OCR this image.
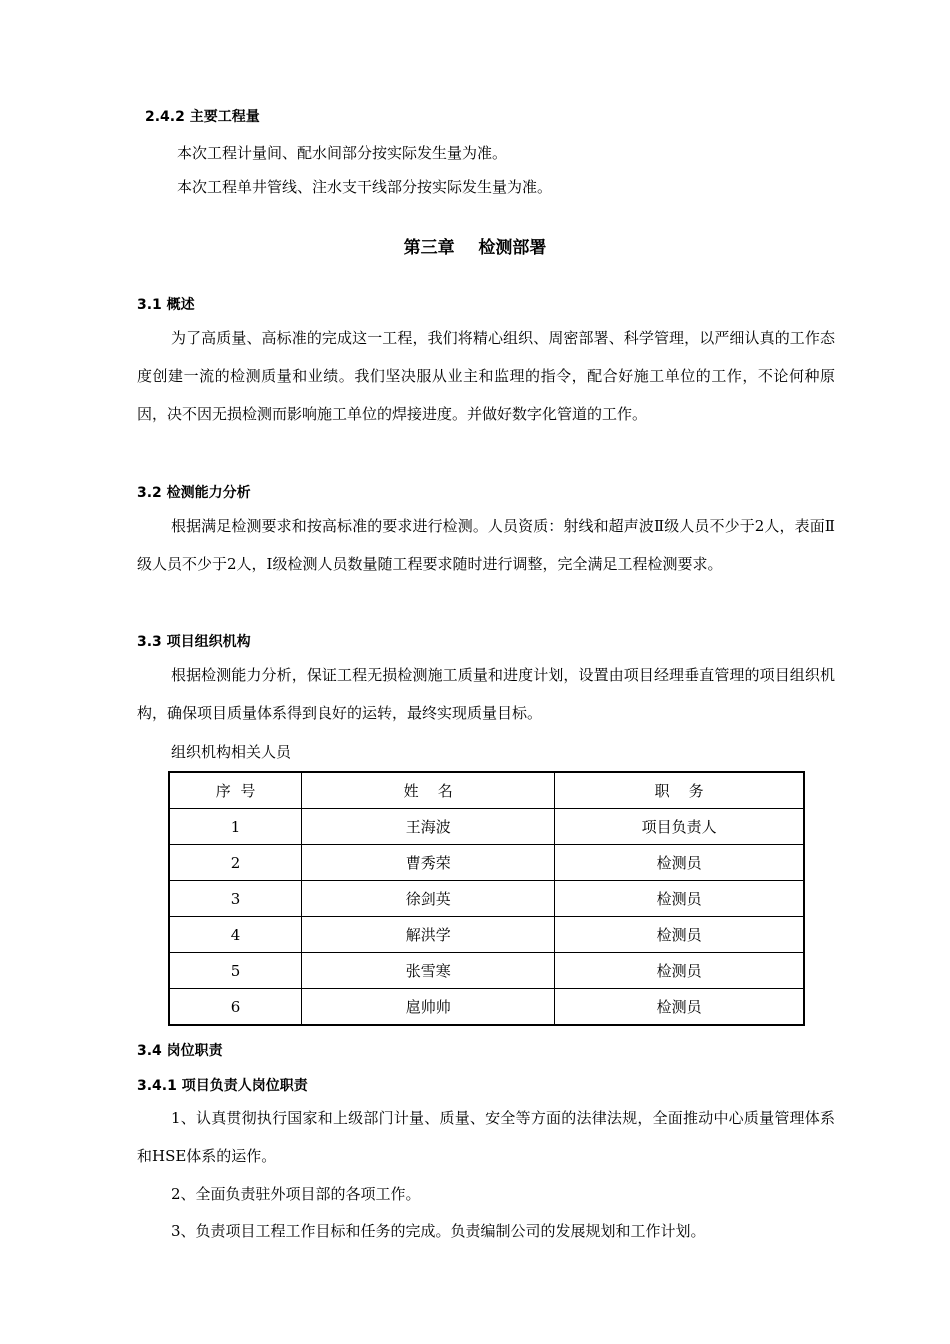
2.4.2 主要工程量
本次工程计量间、配水间部分按实际发生量为准。
本次工程单井管线、注水支干线部分按实际发生量为准。
第三章    检测部署
3.1 概述

为了高质量、高标准的完成这一工程，我们将精心组织、周密部署、科学管理，以严细认真的工作态度创建一流的检测质量和业绩。我们坚决服从业主和监理的指令，配合好施工单位的工作，不论何种原因，决不因无损检测而影响施工单位的焊接进度。并做好数字化管道的工作。

3.2 检测能力分析

根据满足检测要求和按高标准的要求进行检测。人员资质：射线和超声波Ⅱ级人员不少于2人，表面Ⅱ级人员不少于2人，Ⅰ级检测人员数量随工程要求随时进行调整，完全满足工程检测要求。

3.3 项目组织机构

根据检测能力分析，保证工程无损检测施工质量和进度计划，设置由项目经理垂直管理的项目组织机构，确保项目质量体系得到良好的运转，最终实现质量目标。

组织机构相关人员
序  号	姓    名	职    务
1	王海波	项目负责人
2	曹秀荣	检测员
3	徐剑英	检测员
4	解洪学	检测员
5	张雪寒	检测员
6	扈帅帅	检测员
3.4 岗位职责
3.4.1 项目负责人岗位职责

1、认真贯彻执行国家和上级部门计量、质量、安全等方面的法律法规，全面推动中心质量管理体系和HSE体系的运作。

2、全面负责驻外项目部的各项工作。

3、负责项目工程工作目标和任务的完成。负责编制公司的发展规划和工作计划。
